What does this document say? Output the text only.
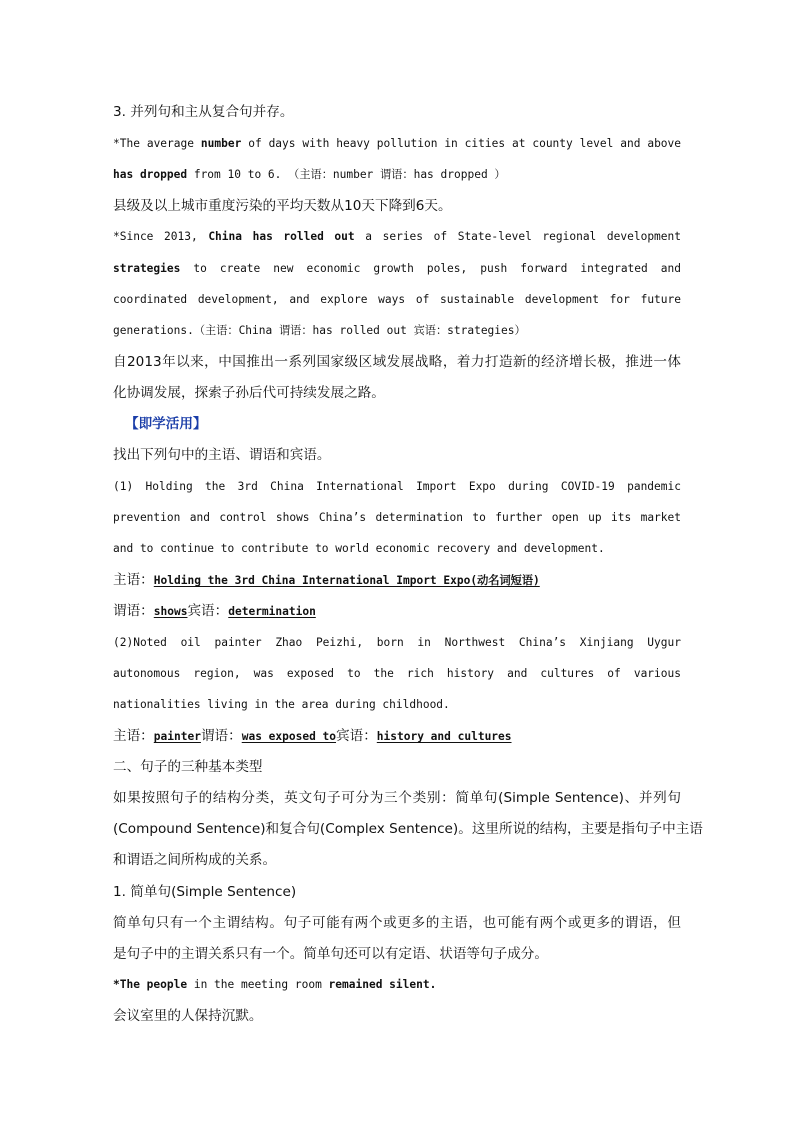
3. 并列句和主从复合句并存。
*The average number of days with heavy pollution in cities at county level and above
has dropped from 10 to 6. （主语：number 谓语：has dropped ）
县级及以上城市重度污染的平均天数从10天下降到6天。
*Since 2013, China has rolled out a series of State-level regional development
strategies to create new economic growth poles, push forward integrated and
coordinated development, and explore ways of sustainable development for future
generations.（主语：China 谓语：has rolled out 宾语：strategies）
自2013年以来，中国推出一系列国家级区域发展战略，着力打造新的经济增长极，推进一体
化协调发展，探索子孙后代可持续发展之路。
【即学活用】
找出下列句中的主语、谓语和宾语。
(1) Holding the 3rd China International Import Expo during COVID-19 pandemic
prevention and control shows China’s determination to further open up its market
and to continue to contribute to world economic recovery and development.
主语：Holding the 3rd China International Import Expo(动名词短语)
谓语：shows宾语：determination
(2)Noted oil painter Zhao Peizhi, born in Northwest China’s Xinjiang Uygur
autonomous region, was exposed to the rich history and cultures of various
nationalities living in the area during childhood.
主语：painter谓语：was exposed to宾语：history and cultures
二、句子的三种基本类型
如果按照句子的结构分类，英文句子可分为三个类别：简单句(Simple Sentence)、并列句
(Compound Sentence)和复合句(Complex Sentence)。这里所说的结构，主要是指句子中主语
和谓语之间所构成的关系。
1. 简单句(Simple Sentence)
简单句只有一个主谓结构。句子可能有两个或更多的主语，也可能有两个或更多的谓语，但
是句子中的主谓关系只有一个。简单句还可以有定语、状语等句子成分。
*The people in the meeting room remained silent.
会议室里的人保持沉默。
